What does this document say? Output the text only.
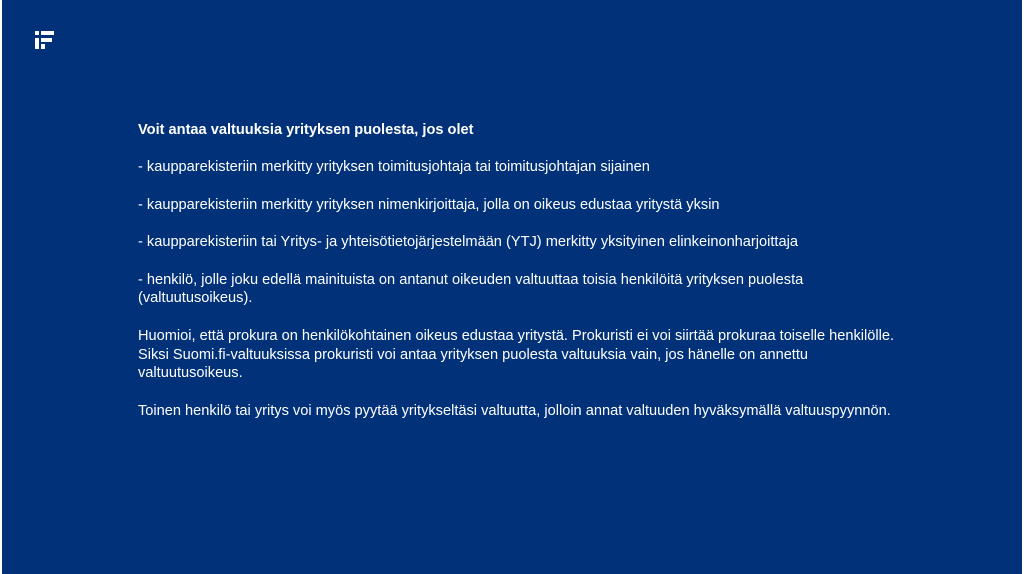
Voit antaa valtuuksia yrityksen puolesta, jos olet

- kaupparekisteriin merkitty yrityksen toimitusjohtaja tai toimitusjohtajan sijainen

- kaupparekisteriin merkitty yrityksen nimenkirjoittaja, jolla on oikeus edustaa yritystä yksin

- kaupparekisteriin tai Yritys- ja yhteisötietojärjestelmään (YTJ) merkitty yksityinen elinkeinonharjoittaja

- henkilö, jolle joku edellä mainituista on antanut oikeuden valtuuttaa toisia henkilöitä yrityksen puolesta (valtuutusoikeus).

Huomioi, että prokura on henkilökohtainen oikeus edustaa yritystä. Prokuristi ei voi siirtää prokuraa toiselle henkilölle. Siksi Suomi.fi-valtuuksissa prokuristi voi antaa yrityksen puolesta valtuuksia vain, jos hänelle on annettu valtuutusoikeus.

Toinen henkilö tai yritys voi myös pyytää yritykseltäsi valtuutta, jolloin annat valtuuden hyväksymällä valtuuspyynnön.
